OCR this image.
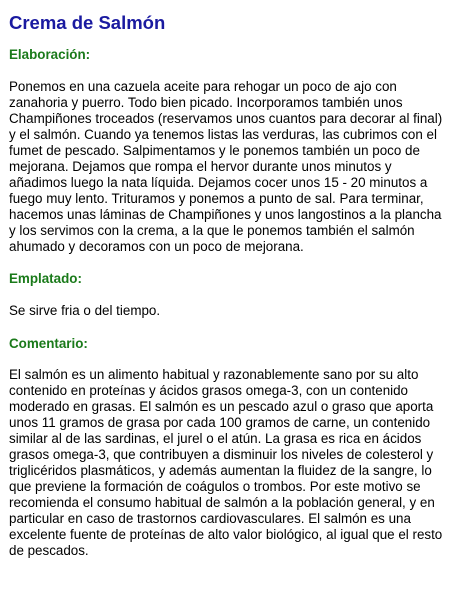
Crema de Salmón
Elaboración:

Ponemos en una cazuela aceite para rehogar un poco de ajo con zanahoria y puerro. Todo bien picado. Incorporamos también unos Champiñones troceados (reservamos unos cuantos para decorar al final) y el salmón. Cuando ya tenemos listas las verduras, las cubrimos con el fumet de pescado. Salpimentamos y le ponemos también un poco de mejorana. Dejamos que rompa el hervor durante unos minutos y añadimos luego la nata líquida. Dejamos cocer unos 15 - 20 minutos a fuego muy lento. Trituramos y ponemos a punto de sal. Para terminar, hacemos unas láminas de Champiñones y unos langostinos a la plancha y los servimos con la crema, a la que le ponemos también el salmón ahumado y decoramos con un poco de mejorana.

Emplatado:

Se sirve fria o del tiempo.

Comentario:

El salmón es un alimento habitual y razonablemente sano por su alto contenido en proteínas y ácidos grasos omega-3, con un contenido moderado en grasas. El salmón es un pescado azul o graso que aporta unos 11 gramos de grasa por cada 100 gramos de carne, un contenido similar al de las sardinas, el jurel o el atún. La grasa es rica en ácidos grasos omega-3, que contribuyen a disminuir los niveles de colesterol y triglicéridos plasmáticos, y además aumentan la fluidez de la sangre, lo que previene la formación de coágulos o trombos. Por este motivo se recomienda el consumo habitual de salmón a la población general, y en particular en caso de trastornos cardiovasculares. El salmón es una excelente fuente de proteínas de alto valor biológico, al igual que el resto de pescados.
